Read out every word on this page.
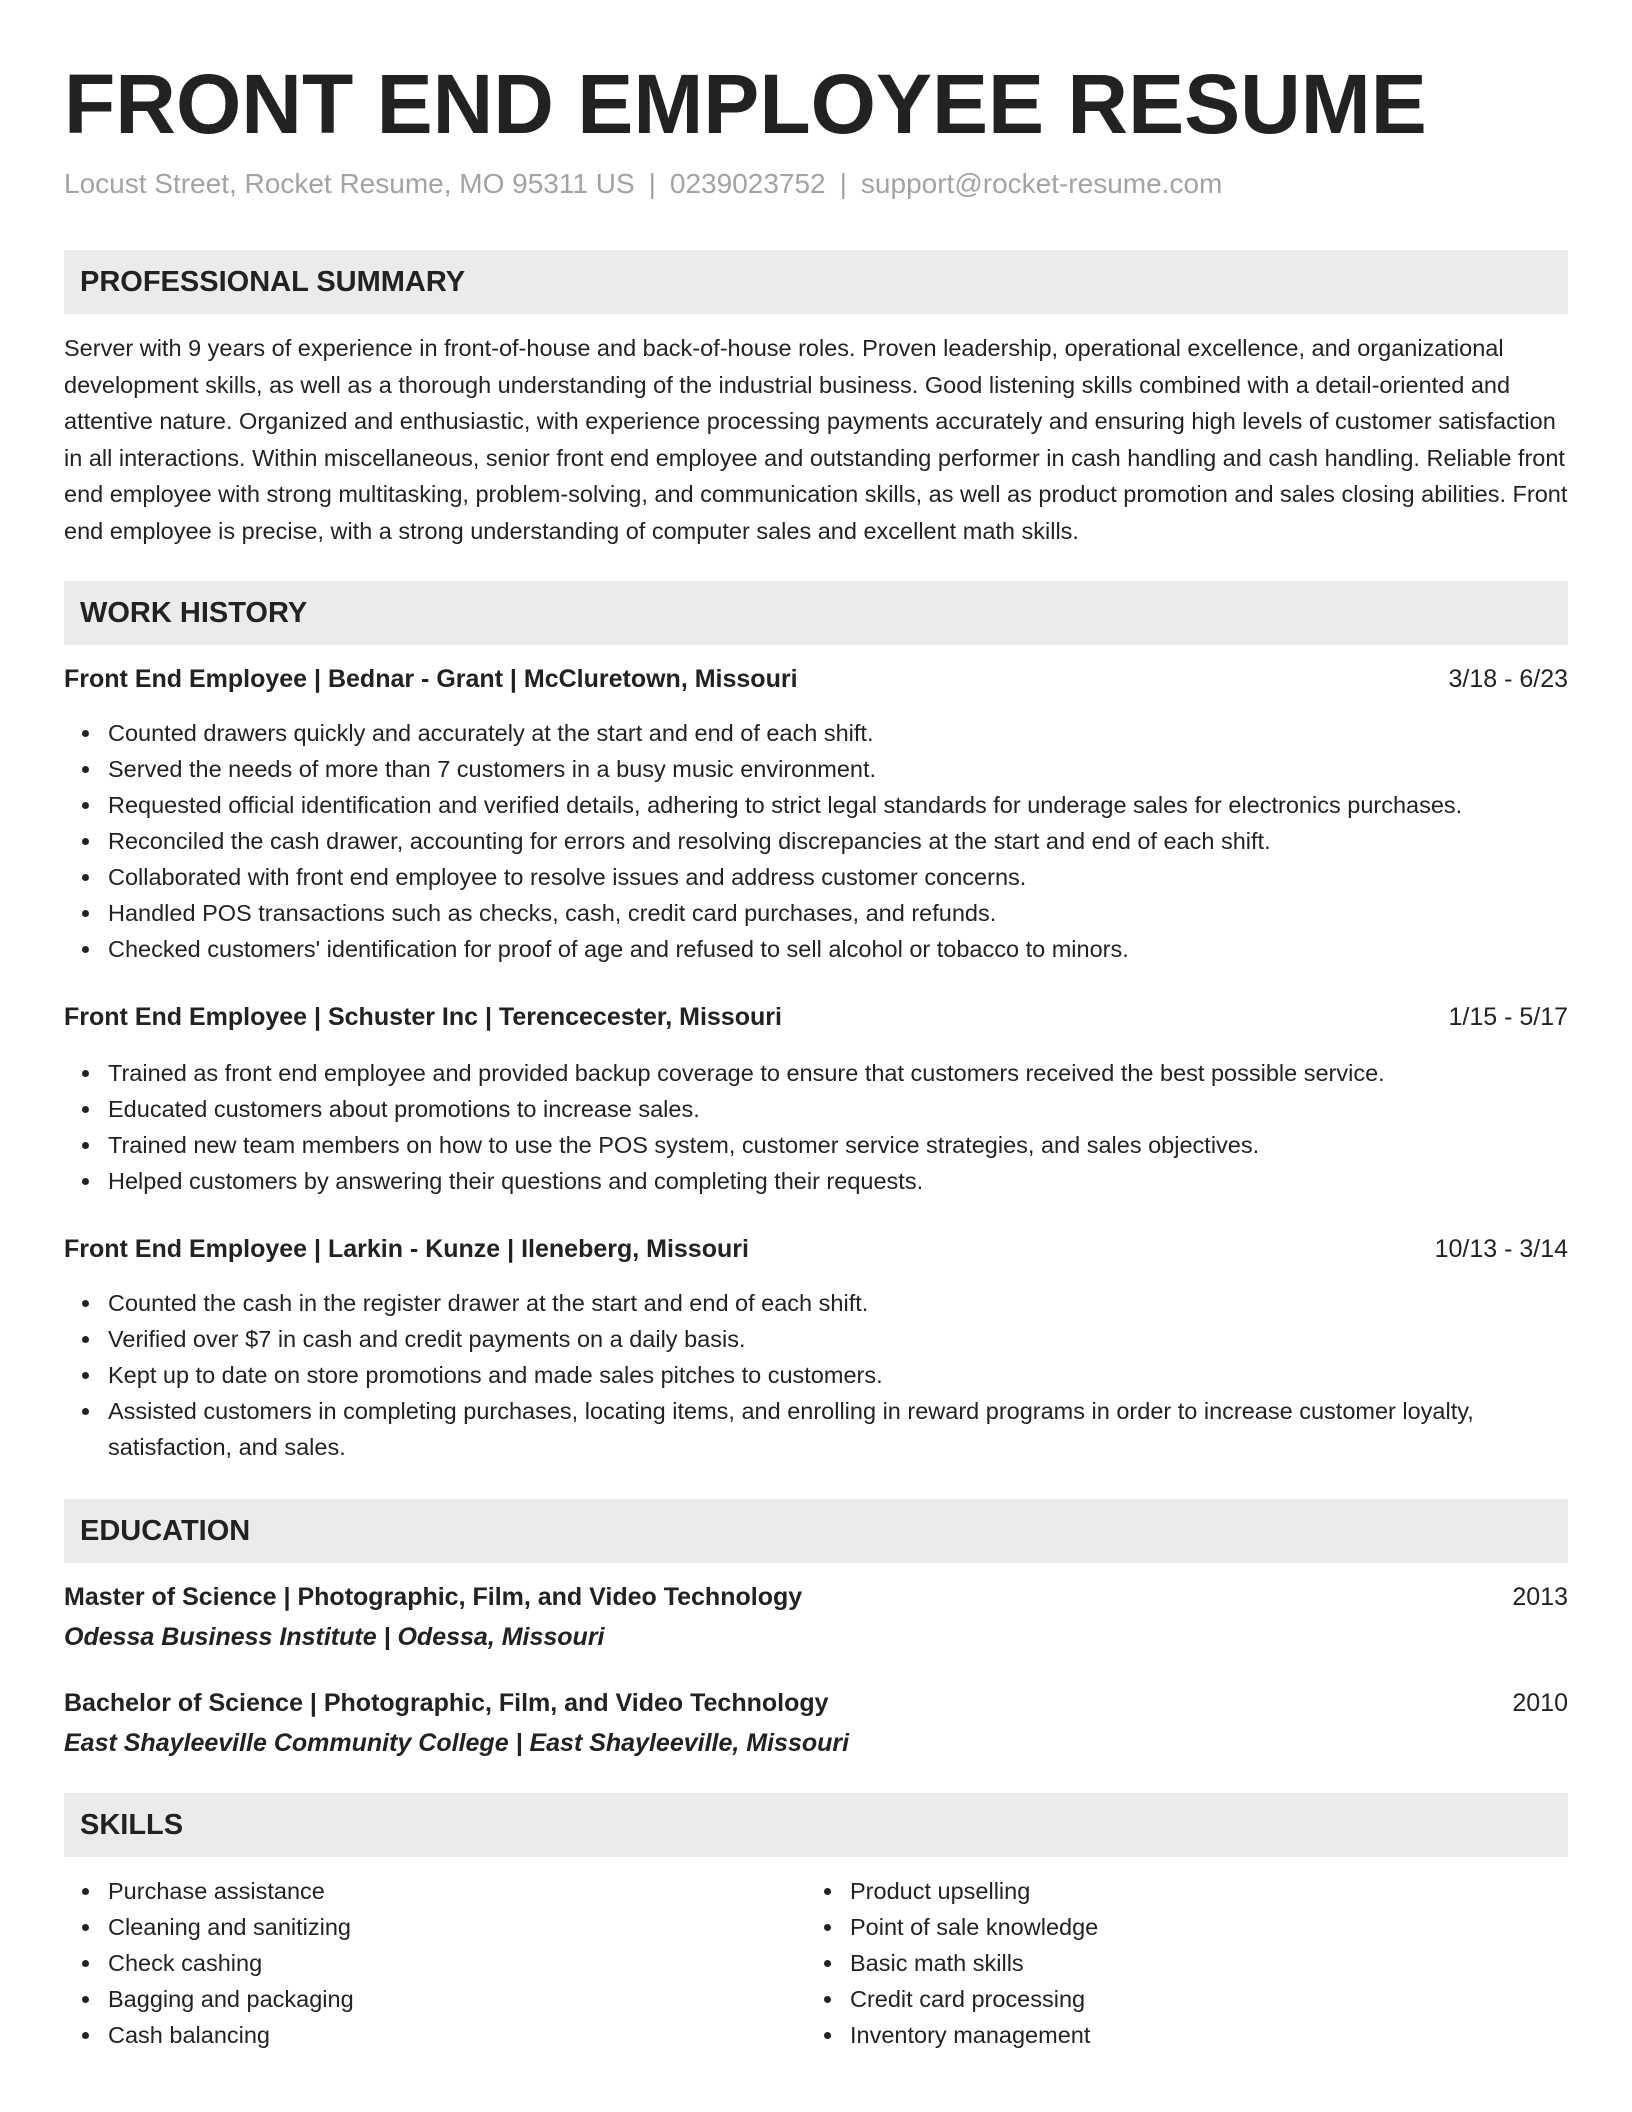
FRONT END EMPLOYEE RESUME
Locust Street, Rocket Resume, MO 95311 US | 0239023752 | support@rocket-resume.com
PROFESSIONAL SUMMARY
Server with 9 years of experience in front-of-house and back-of-house roles. Proven leadership, operational excellence, and organizational development skills, as well as a thorough understanding of the industrial business. Good listening skills combined with a detail-oriented and attentive nature. Organized and enthusiastic, with experience processing payments accurately and ensuring high levels of customer satisfaction in all interactions. Within miscellaneous, senior front end employee and outstanding performer in cash handling and cash handling. Reliable front end employee with strong multitasking, problem-solving, and communication skills, as well as product promotion and sales closing abilities. Front end employee is precise, with a strong understanding of computer sales and excellent math skills.
WORK HISTORY
Front End Employee | Bednar - Grant | McCluretown, Missouri	3/18 - 6/23
Counted drawers quickly and accurately at the start and end of each shift.
Served the needs of more than 7 customers in a busy music environment.
Requested official identification and verified details, adhering to strict legal standards for underage sales for electronics purchases.
Reconciled the cash drawer, accounting for errors and resolving discrepancies at the start and end of each shift.
Collaborated with front end employee to resolve issues and address customer concerns.
Handled POS transactions such as checks, cash, credit card purchases, and refunds.
Checked customers' identification for proof of age and refused to sell alcohol or tobacco to minors.
Front End Employee | Schuster Inc | Terencecester, Missouri	1/15 - 5/17
Trained as front end employee and provided backup coverage to ensure that customers received the best possible service.
Educated customers about promotions to increase sales.
Trained new team members on how to use the POS system, customer service strategies, and sales objectives.
Helped customers by answering their questions and completing their requests.
Front End Employee | Larkin - Kunze | Ileneberg, Missouri	10/13 - 3/14
Counted the cash in the register drawer at the start and end of each shift.
Verified over $7 in cash and credit payments on a daily basis.
Kept up to date on store promotions and made sales pitches to customers.
Assisted customers in completing purchases, locating items, and enrolling in reward programs in order to increase customer loyalty, satisfaction, and sales.
EDUCATION
Master of Science | Photographic, Film, and Video Technology	2013
Odessa Business Institute | Odessa, Missouri
Bachelor of Science | Photographic, Film, and Video Technology	2010
East Shayleeville Community College | East Shayleeville, Missouri
SKILLS
Purchase assistance
Cleaning and sanitizing
Check cashing
Bagging and packaging
Cash balancing
Product upselling
Point of sale knowledge
Basic math skills
Credit card processing
Inventory management
